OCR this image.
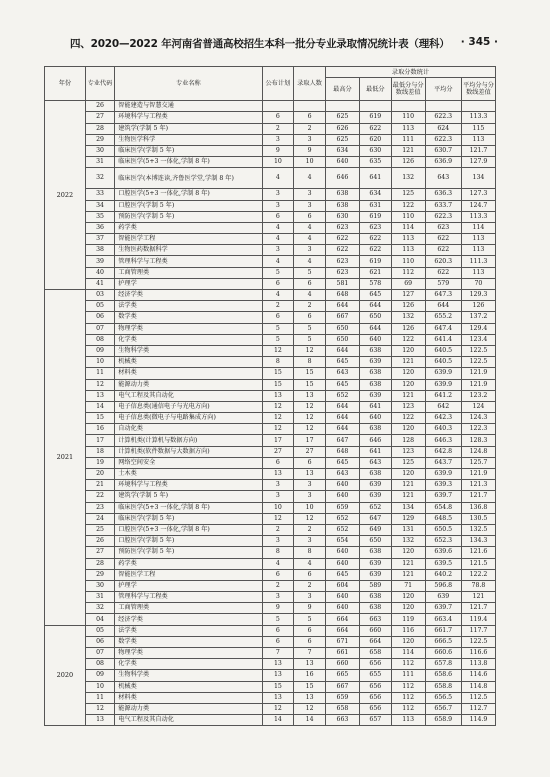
四、2020—2022 年河南省普通高校招生本科一批分专业录取情况统计表（理科） · 345 ·
年份	专业代码	专业名称	公布计划	录取人数	录取分数统计				
					最高分	最低分	最低分与分数线差值	平均分	平均分与分数线差值
2022	26	智能建造与智慧交通							
	27	环境科学与工程类	6	6	625	619	110	622.3	113.3
	28	建筑学(学制 5 年)	2	2	626	622	113	624	115
	29	生物医学科学	3	3	625	620	111	622.3	113
	30	临床医学(学制 5 年)	9	9	634	630	121	630.7	121.7
	31	临床医学(5+3 一体化,学制 8 年)	10	10	640	635	126	636.9	127.9
	32	临床医学(本博连读,齐鲁医学堂,学制 8 年)	4	4	646	641	132	643	134
	33	口腔医学(5+3 一体化,学制 8 年)	3	3	638	634	125	636.3	127.3
	34	口腔医学(学制 5 年)	3	3	638	631	122	633.7	124.7
	35	预防医学(学制 5 年)	6	6	630	619	110	622.3	113.3
	36	药学类	4	4	623	623	114	623	114
	37	智能医学工程	4	4	622	622	113	622	113
	38	生物医药数据科学	3	3	622	622	113	622	113
	39	管理科学与工程类	4	4	623	619	110	620.3	111.3
	40	工商管理类	5	5	623	621	112	622	113
	41	护理学	6	6	581	578	69	579	70
2021	03	经济学类	4	4	648	645	127	647.3	129.3
	05	法学类	2	2	644	644	126	644	126
	06	数学类	6	6	667	650	132	655.2	137.2
	07	物理学类	5	5	650	644	126	647.4	129.4
	08	化学类	5	5	650	640	122	641.4	123.4
	09	生物科学类	12	12	644	638	120	640.5	122.5
	10	机械类	8	8	645	639	121	640.5	122.5
	11	材料类	15	15	643	638	120	639.9	121.9
	12	能源动力类	15	15	645	638	120	639.9	121.9
	13	电气工程及其自动化	13	13	652	639	121	641.2	123.2
	14	电子信息类(通信电子与光电方向)	12	12	644	641	123	642	124
	15	电子信息类(微电子与电路集成方向)	12	12	644	640	122	642.3	124.3
	16	自动化类	12	12	644	638	120	640.3	122.3
	17	计算机类(计算机与数据方向)	17	17	647	646	128	646.3	128.3
	18	计算机类(软件数据与大数据方向)	27	27	648	641	123	642.8	124.8
	19	网络空间安全	6	6	645	643	125	643.7	125.7
	20	土木类	13	13	643	638	120	639.9	121.9
	21	环境科学与工程类	3	3	640	639	121	639.3	121.3
	22	建筑学(学制 5 年)	3	3	640	639	121	639.7	121.7
	23	临床医学(5+3 一体化,学制 8 年)	10	10	659	652	134	654.8	136.8
	24	临床医学(学制 5 年)	12	12	652	647	129	648.5	130.5
	25	口腔医学(5+3 一体化,学制 8 年)	2	2	652	649	131	650.5	132.5
	26	口腔医学(学制 5 年)	3	3	654	650	132	652.3	134.3
	27	预防医学(学制 5 年)	8	8	640	638	120	639.6	121.6
	28	药学类	4	4	640	639	121	639.5	121.5
	29	智能医学工程	6	6	645	639	121	640.2	122.2
	30	护理学	2	2	604	589	71	596.8	78.8
	31	管理科学与工程类	3	3	640	638	120	639	121
	32	工商管理类	9	9	640	638	120	639.7	121.7
	04	经济学类	5	5	664	663	119	663.4	119.4
2020	05	法学类	6	6	664	660	116	661.7	117.7
	06	数学类	6	6	671	664	120	666.5	122.5
	07	物理学类	7	7	661	658	114	660.6	116.6
	08	化学类	13	13	660	656	112	657.8	113.8
	09	生物科学类	13	16	665	655	111	658.6	114.6
	10	机械类	15	15	667	656	112	658.8	114.8
	11	材料类	13	13	659	656	112	656.5	112.5
	12	能源动力类	12	12	658	656	112	656.7	112.7
	13	电气工程及其自动化	14	14	663	657	113	658.9	114.9
